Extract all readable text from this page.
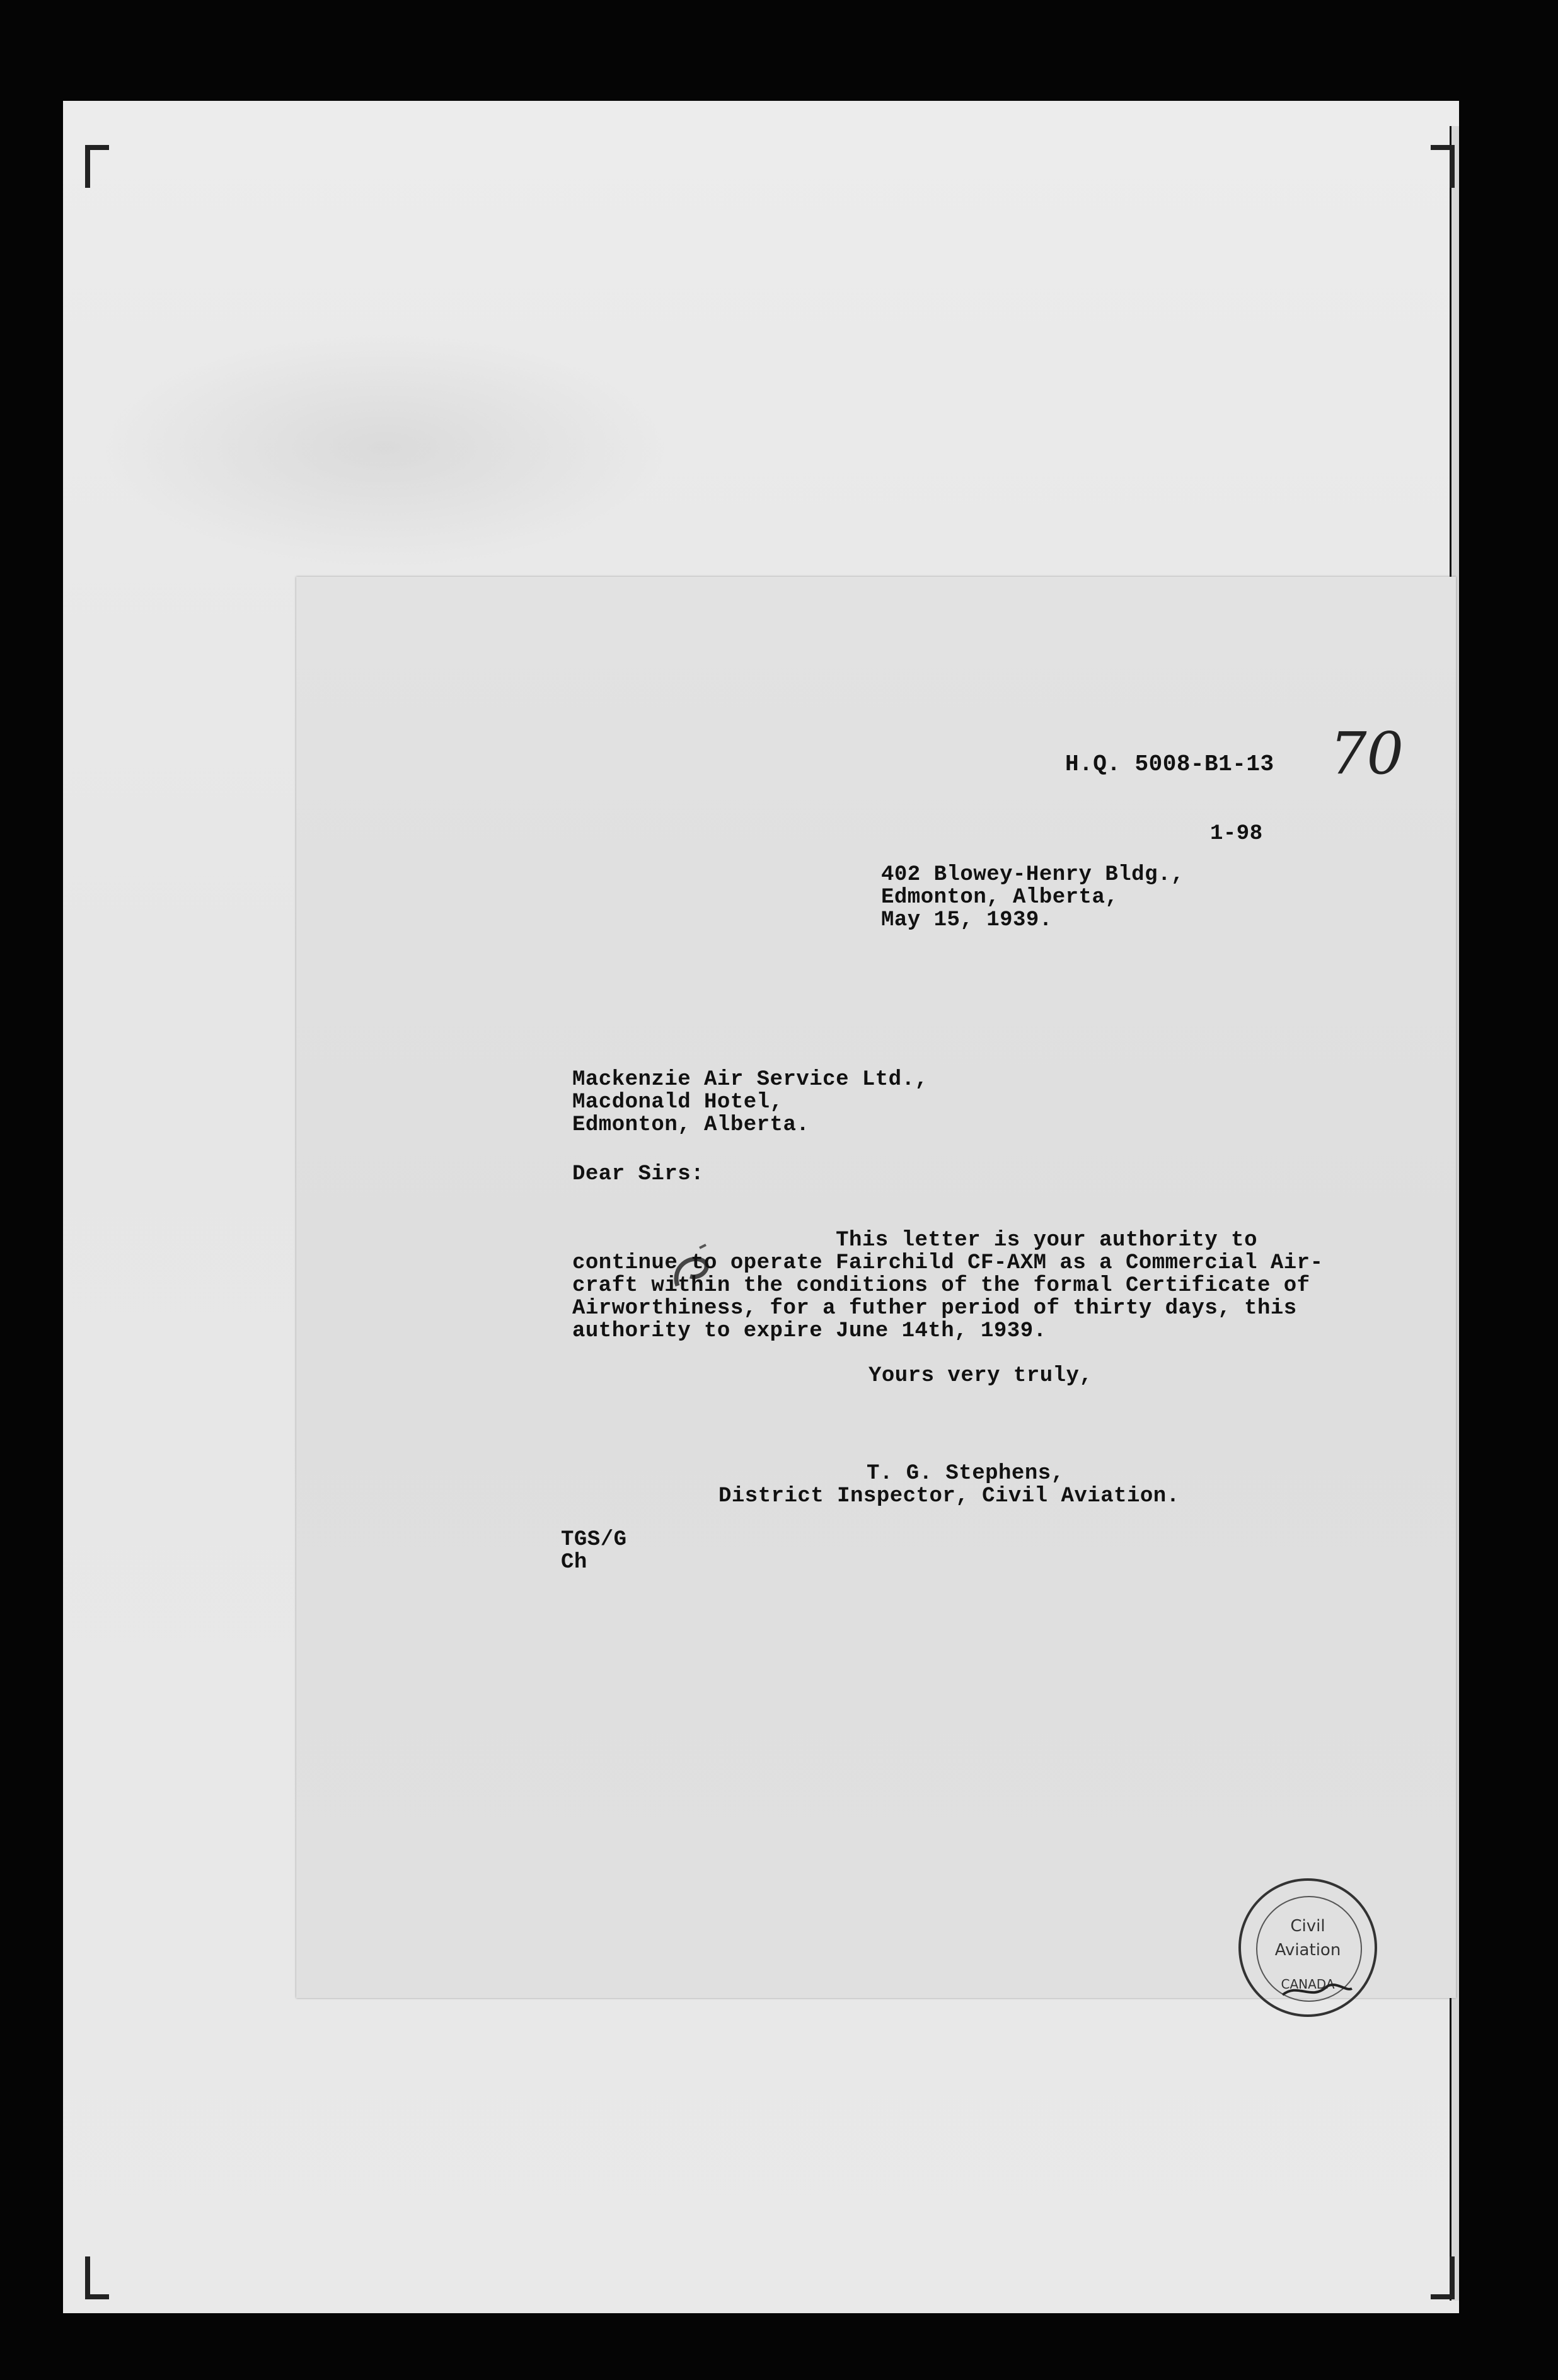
H.Q. 5008-B1-13 70
1-98
402 Blowey-Henry Bldg.,
Edmonton, Alberta,
May 15, 1939.
Mackenzie Air Service Ltd.,
Macdonald Hotel,
Edmonton, Alberta.
Dear Sirs:
This letter is your authority to
continue to operate Fairchild CF-AXM as a Commercial Air-
craft within the conditions of the formal Certificate of
Airworthiness, for a futher period of thirty days, this
authority to expire June 14th, 1939.
Civil
Aviation
CANADA
Yours very truly,
T. G. Stephens,
District Inspector, Civil Aviation.
TGS/G
Ch
